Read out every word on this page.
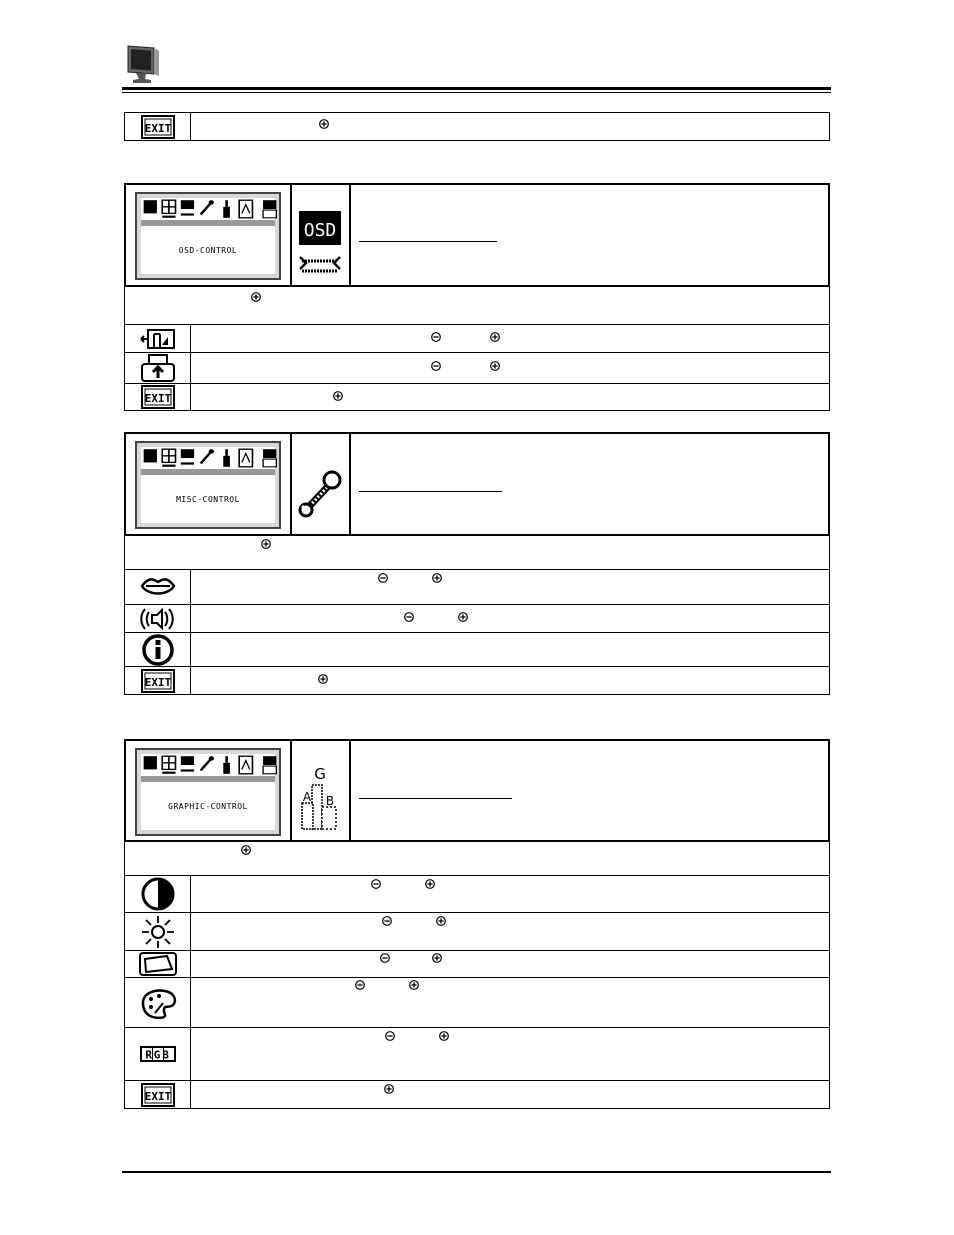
EXIT
OSD-CONTROL
OSD
EXIT
MISC-CONTROL
EXIT
GRAPHIC-CONTROL
G
A B
RGB
EXIT
